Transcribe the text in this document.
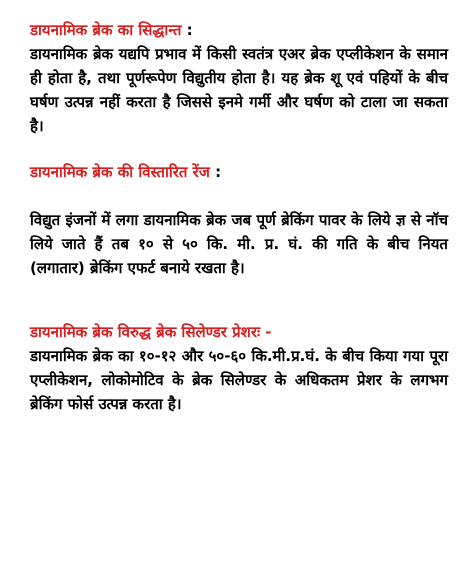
डायनामिक ब्रेक का सिद्धान्त :
डायनामिक ब्रेक यद्यपि प्रभाव में किसी स्वतंत्र एअर ब्रेक एप्लीकेशन के समान ही होता है, तथा पूर्णरूपेण विद्युतीय होता है। यह ब्रेक शू एवं पहियों के बीच घर्षण उत्पन्न नहीं करता है जिससे इनमे गर्मी और घर्षण को टाला जा सकता है।
डायनामिक ब्रेक की विस्तारित रेंज :
विद्युत इंजनों में लगा डायनामिक ब्रेक जब पूर्ण ब्रेकिंग पावर के लिये ज्ञ से नॉच लिये जाते हैं तब १० से ५० कि. मी. प्र. घं. की गति के बीच नियत (लगातार) ब्रेकिंग एफर्ट बनाये रखता है।
डायनामिक ब्रेक विरुद्ध ब्रेक सिलेण्डर प्रेशरः -
डायनामिक ब्रेक का १०-१२ और ५०-६० कि.मी.प्र.घं. के बीच किया गया पूरा एप्लीकेशन, लोकोमोटिव के ब्रेक सिलेण्डर के अधिकतम प्रेशर के लगभग ब्रेकिंग फोर्स उत्पन्न करता है।
